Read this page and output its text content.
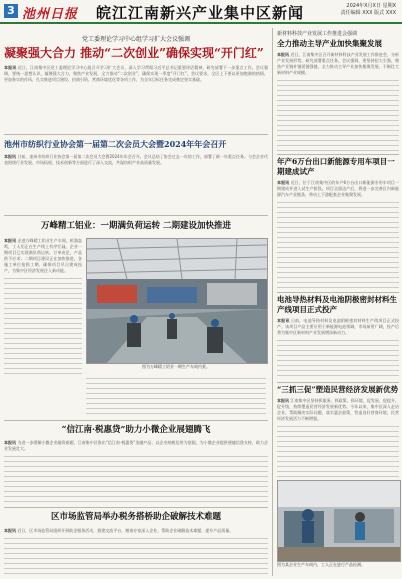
3 池州日报 皖江江南新兴产业集中区新闻	2024年X月X日 星期X
责任编辑 XXX 版式 XXX
党工委理论学习中心组学习扩大会议强调
凝聚强大合力 推动“二次创业”确保实现“开门红”
本报讯 近日，江南集中区党工委理论学习中心组召开学习扩大会议，深入学习贯彻习近平总书记重要讲话精神，研究部署下一步重点工作。会议强调，要统一思想认识，凝聚强大合力，聚焦产业发展，全力推动“二次创业”，确保实现一季度“开门红”。会议要求，全区上下要以更加饱满的热情、更加务实的作风，扎实推进项目建设、招商引资、营商环境优化等各项工作，为全年目标任务完成奠定坚实基础。
池州市纺织行业协会第一届第二次会员大会暨2024年年会召开
本报讯 日前，池州市纺织行业协会第一届第二次会员大会暨2024年年会召开。会议总结了协会过去一年的工作，部署了新一年重点任务。与会企业代表围绕行业发展、市场拓展、技术创新等方面进行了深入交流，共谋纺织产业高质量发展。
万峰精工铝业：一期满负荷运转 二期建设加快推进
本报讯 走进万峰精工铝业生产车间，机器轰鸣，工人们正在生产线上有序忙碌。企业一期项目已实现满负荷运转，订单充足，产品供不应求；二期项目建设正在加快推进，各施工单位抢抓工期，确保项目早日建成投产，为集中区经济发展注入新动能。
图为万峰精工铝业一期生产车间内景。
“信江南·税惠贷”助力小微企业展翅腾飞
本报讯 为进一步缓解小微企业融资难题，江南集中区推出“信江南·税惠贷”金融产品，以企业纳税信用为依据，为小微企业提供便捷信贷支持，助力企业发展壮大。
区市场监管局举办税务搭桥助企破解技术难题
本报讯 近日，区市场监管局组织开展助企服务活动，搭建交流平台，邀请专家深入企业，帮助企业破解技术难题，提升产品质量。
新材料科技产业发展工作推进会强调
全力推动主导产业加快集聚发展
本报讯 近日，江南集中区召开新材料科技产业发展工作推进会，分析产业发展形势，研究部署重点任务。会议强调，要坚持招大引强，聚焦产业链补链延链强链，全力推动主导产业加快集聚发展，不断壮大新材料产业规模。
年产6万台出口新能源专用车项目一期建成试产
本报讯 近日，位于江南集中区的年产6万台出口新能源专用车项目一期建成并进入试生产阶段。项目全面达产后，将进一步完善区内新能源汽车产业链条，带动上下游配套企业集聚发展。
电池导热材料及电池阴极密封材料生产线项目正式投产
本报讯 日前，电池导热材料及电池阴极密封材料生产线项目正式投产。该项目产品主要应用于新能源电池领域，市场前景广阔，投产后将为集中区新材料产业发展增添新动力。
“三抓三促”塑造民营经济发展新优势
本报讯 江南集中区坚持抓服务、抓政策、抓环境，促发展、促提升、促升级，持续塑造民营经济发展新优势。今年以来，集中区深入走访企业，帮助解决实际问题，落实惠企政策，营造良好营商环境，民营经济发展活力不断增强。
图为某企业生产车间内，工人正在进行产品检测。
